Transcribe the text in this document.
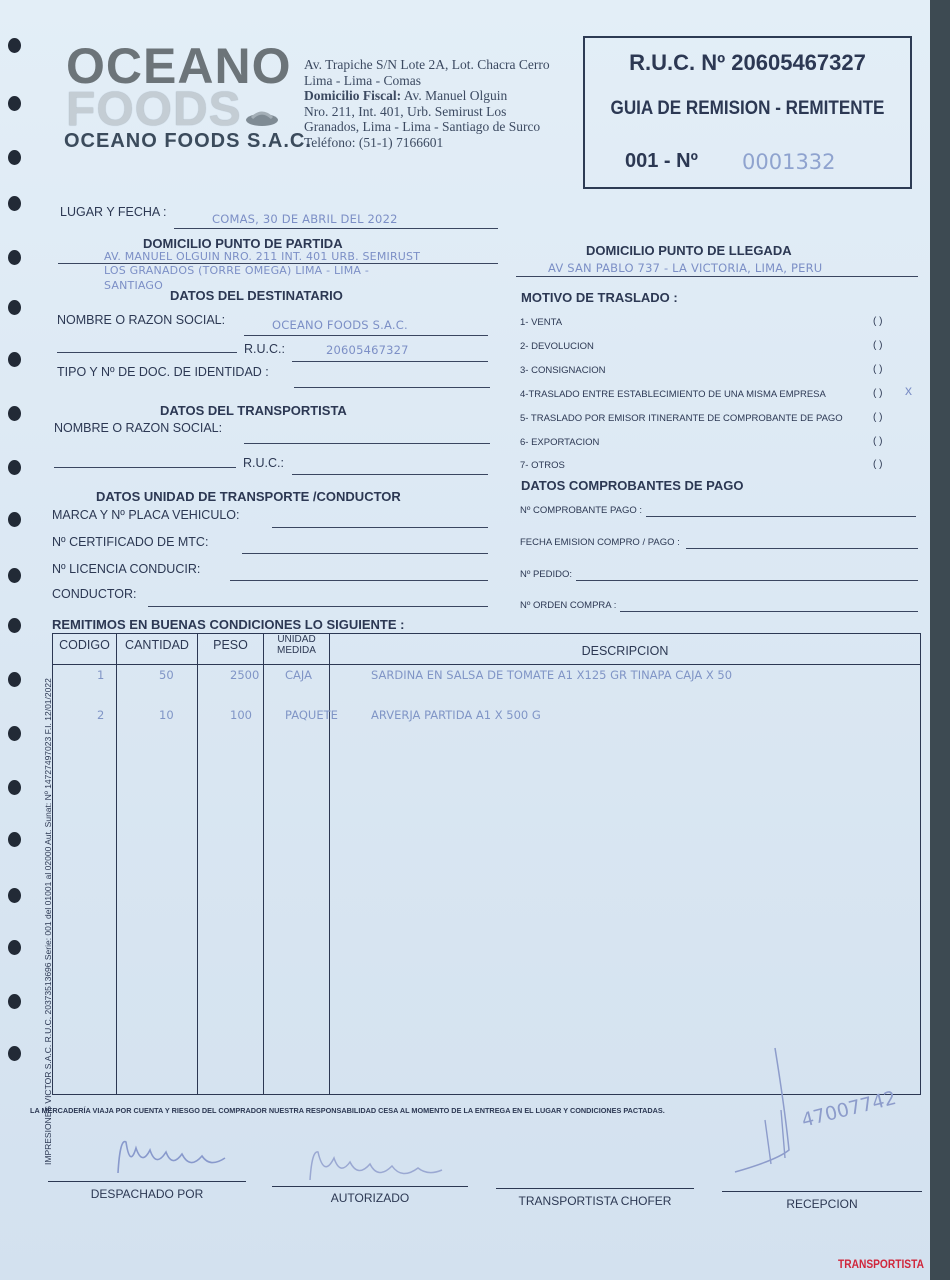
OCEANO
FOODS
OCEANO FOODS S.A.C.
Av. Trapiche S/N Lote 2A, Lot. Chacra Cerro
Lima - Lima - Comas
Domicilio Fiscal: Av. Manuel Olguin
Nro. 211, Int. 401, Urb. Semirust Los
Granados, Lima - Lima - Santiago de Surco
Teléfono: (51-1) 7166601
R.U.C. Nº 20605467327
GUIA DE REMISION - REMITENTE
001 - Nº 0001332
LUGAR Y FECHA :	COMAS, 30 DE ABRIL DEL 2022
DOMICILIO PUNTO DE PARTIDA
AV. MANUEL OLGUIN NRO. 211 INT. 401 URB. SEMIRUST
LOS GRANADOS (TORRE OMEGA) LIMA - LIMA -
SANTIAGO
DATOS DEL DESTINATARIO
DOMICILIO PUNTO DE LLEGADA
AV SAN PABLO 737 - LA VICTORIA, LIMA, PERU
NOMBRE O RAZON SOCIAL:	OCEANO FOODS S.A.C.
R.U.C.:	20605467327
TIPO Y Nº DE DOC. DE IDENTIDAD :
DATOS DEL TRANSPORTISTA
NOMBRE O RAZON SOCIAL:
R.U.C.:
DATOS UNIDAD DE TRANSPORTE /CONDUCTOR
MARCA Y Nº PLACA VEHICULO:
Nº CERTIFICADO DE MTC:
Nº LICENCIA CONDUCIR:
CONDUCTOR:
MOTIVO DE TRASLADO :
1- VENTA	( )
2- DEVOLUCION	( )
3- CONSIGNACION	( )
4-TRASLADO ENTRE ESTABLECIMIENTO DE UNA MISMA EMPRESA	( )
5- TRASLADO POR EMISOR ITINERANTE DE COMPROBANTE DE PAGO	( )
6- EXPORTACION	( )
7- OTROS	( )
x
DATOS COMPROBANTES DE PAGO
Nº COMPROBANTE PAGO :
FECHA EMISION COMPRO / PAGO :
Nº PEDIDO:
Nº ORDEN COMPRA :
REMITIMOS EN BUENAS CONDICIONES LO SIGUIENTE :
CODIGO	CANTIDAD	PESO	UNIDAD
MEDIDA	DESCRIPCION
1	50	2500 CAJA	SARDINA EN SALSA DE TOMATE A1 X125 GR TINAPA CAJA X 50
2	10	100	PAQUETE	ARVERJA PARTIDA A1 X 500 G
LA MERCADERÍA VIAJA POR CUENTA Y RIESGO DEL COMPRADOR NUESTRA RESPONSABILIDAD CESA AL MOMENTO DE LA ENTREGA EN EL LUGAR Y CONDICIONES PACTADAS.
IMPRESIONES VICTOR S.A.C. R.U.C. 20373513696 Serie: 001 del 01001 al 02000 Aut. Sunat: Nº 14727497023 F.I. 12/01/2022	47007742
DESPACHADO POR	AUTORIZADO	TRANSPORTISTA CHOFER	RECEPCION
TRANSPORTISTA
